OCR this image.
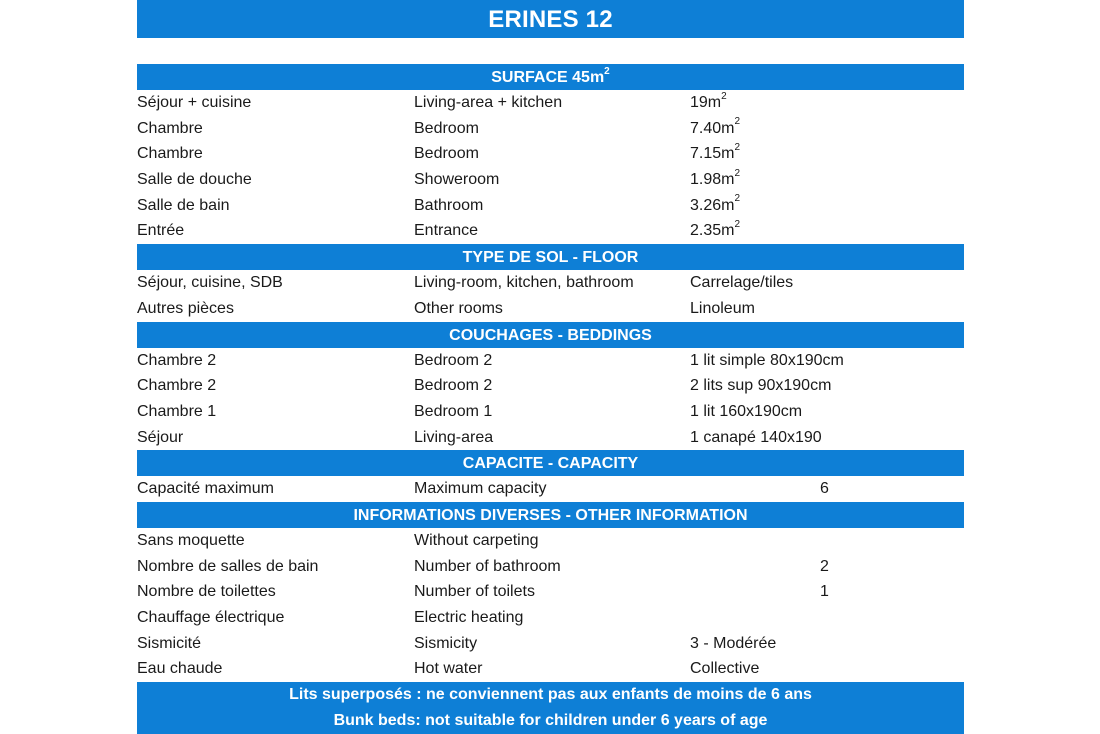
ERINES 12
SURFACE $45m^2$
Séjour + cuisine	Living-area + kitchen	$19m^2$
Chambre	Bedroom	$7.40m^2$
Chambre	Bedroom	$7.15m^2$
Salle de douche	Showeroom	$1.98m^2$
Salle de bain	Bathroom	$3.26m^2$
Entrée	Entrance	$2.35m^2$
TYPE DE SOL - FLOOR
Séjour, cuisine, SDB	Living-room, kitchen, bathroom	Carrelage/tiles
Autres pièces	Other rooms	Linoleum
COUCHAGES - BEDDINGS
Chambre 2	Bedroom 2	1 lit simple 80x190cm
Chambre 2	Bedroom 2	2 lits sup 90x190cm
Chambre 1	Bedroom 1	1 lit 160x190cm
Séjour	Living-area	1 canapé 140x190
CAPACITE - CAPACITY
Capacité maximum	Maximum capacity	6
INFORMATIONS DIVERSES - OTHER INFORMATION
Sans moquette	Without carpeting
Nombre de salles de bain	Number of bathroom	2
Nombre de toilettes	Number of toilets	1
Chauffage électrique	Electric heating
Sismicité	Sismicity	3 - Modérée
Eau chaude	Hot water	Collective
Lits superposés : ne conviennent pas aux enfants de moins de 6 ans
Bunk beds: not suitable for children under 6 years of age
